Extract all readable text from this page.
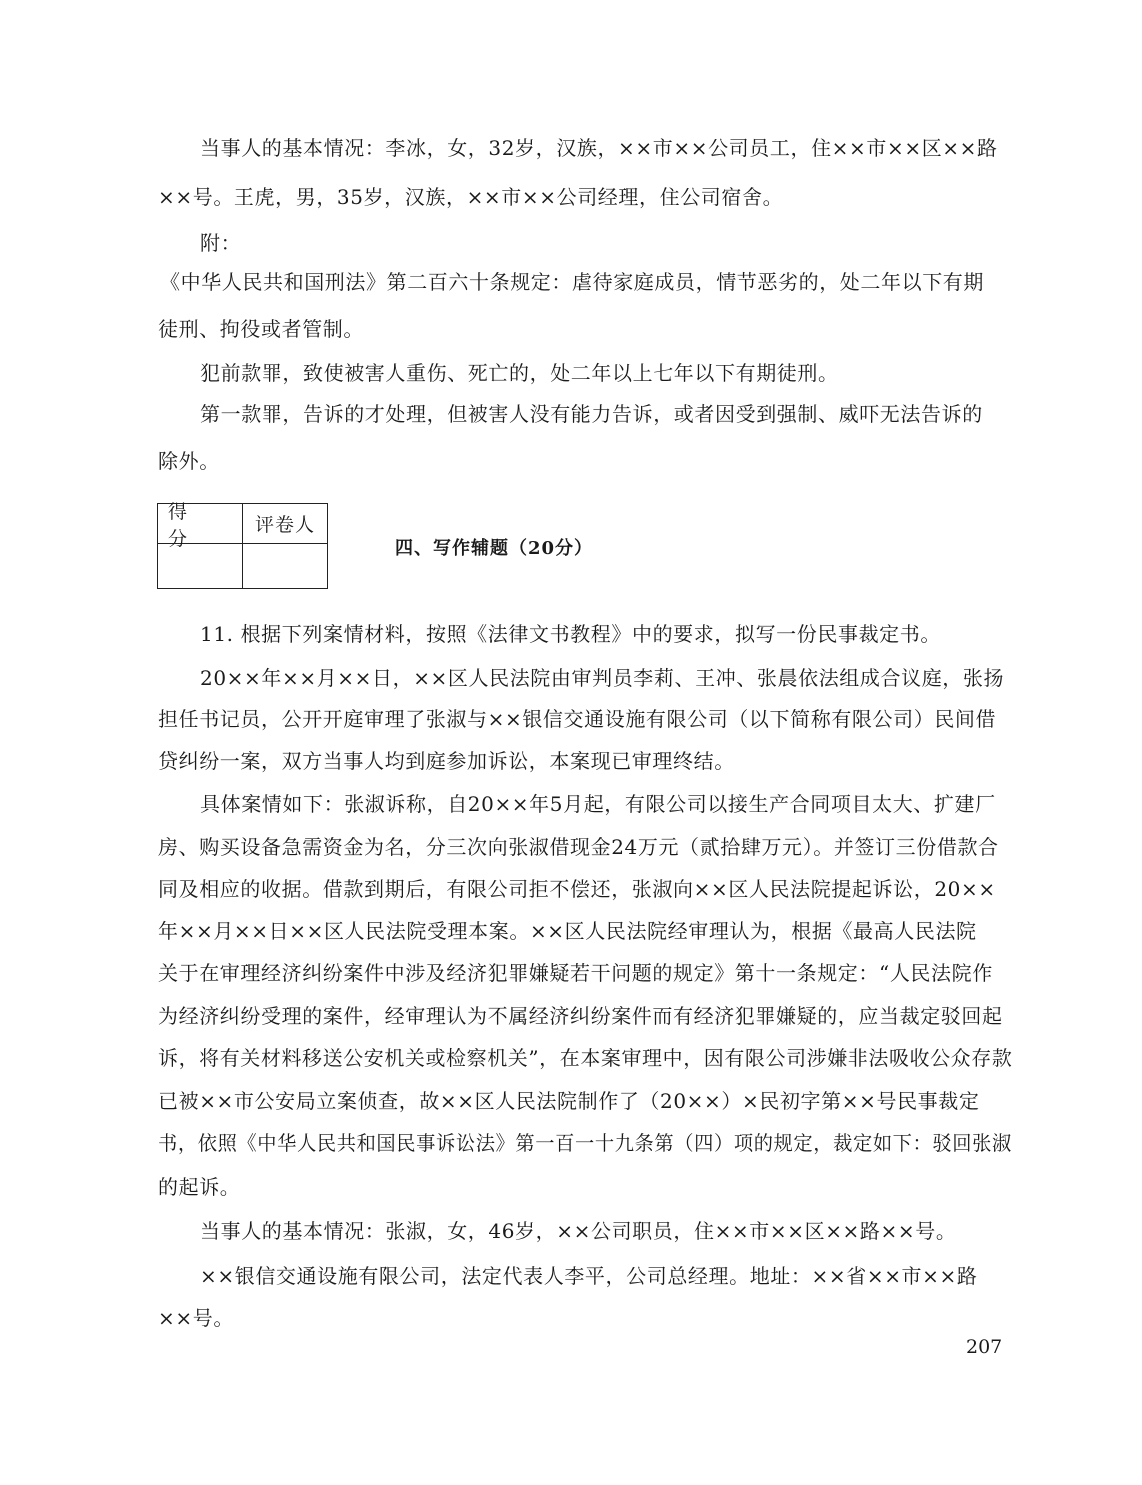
当事人的基本情况：李冰，女，32岁，汉族，××市××公司员工，住××市××区××路
××号。王虎，男，35岁，汉族，××市××公司经理，住公司宿舍。
附：
《中华人民共和国刑法》第二百六十条规定：虐待家庭成员，情节恶劣的，处二年以下有期
徒刑、拘役或者管制。
犯前款罪，致使被害人重伤、死亡的，处二年以上七年以下有期徒刑。
第一款罪，告诉的才处理，但被害人没有能力告诉，或者因受到强制、威吓无法告诉的
除外。
得　分
评卷人
四、写作辅题（20分）
11. 根据下列案情材料，按照《法律文书教程》中的要求，拟写一份民事裁定书。
20××年××月××日，××区人民法院由审判员李莉、王冲、张晨依法组成合议庭，张扬
担任书记员，公开开庭审理了张淑与××银信交通设施有限公司（以下简称有限公司）民间借
贷纠纷一案，双方当事人均到庭参加诉讼，本案现已审理终结。
具体案情如下：张淑诉称，自20××年5月起，有限公司以接生产合同项目太大、扩建厂
房、购买设备急需资金为名，分三次向张淑借现金24万元（贰拾肆万元）。并签订三份借款合
同及相应的收据。借款到期后，有限公司拒不偿还，张淑向××区人民法院提起诉讼，20××
年××月××日××区人民法院受理本案。××区人民法院经审理认为，根据《最高人民法院
关于在审理经济纠纷案件中涉及经济犯罪嫌疑若干问题的规定》第十一条规定：“人民法院作
为经济纠纷受理的案件，经审理认为不属经济纠纷案件而有经济犯罪嫌疑的，应当裁定驳回起
诉，将有关材料移送公安机关或检察机关”，在本案审理中，因有限公司涉嫌非法吸收公众存款
已被××市公安局立案侦查，故××区人民法院制作了（20××）×民初字第××号民事裁定
书，依照《中华人民共和国民事诉讼法》第一百一十九条第（四）项的规定，裁定如下：驳回张淑
的起诉。
当事人的基本情况：张淑，女，46岁，××公司职员，住××市××区××路××号。
××银信交通设施有限公司，法定代表人李平，公司总经理。地址：××省××市××路
××号。
207
